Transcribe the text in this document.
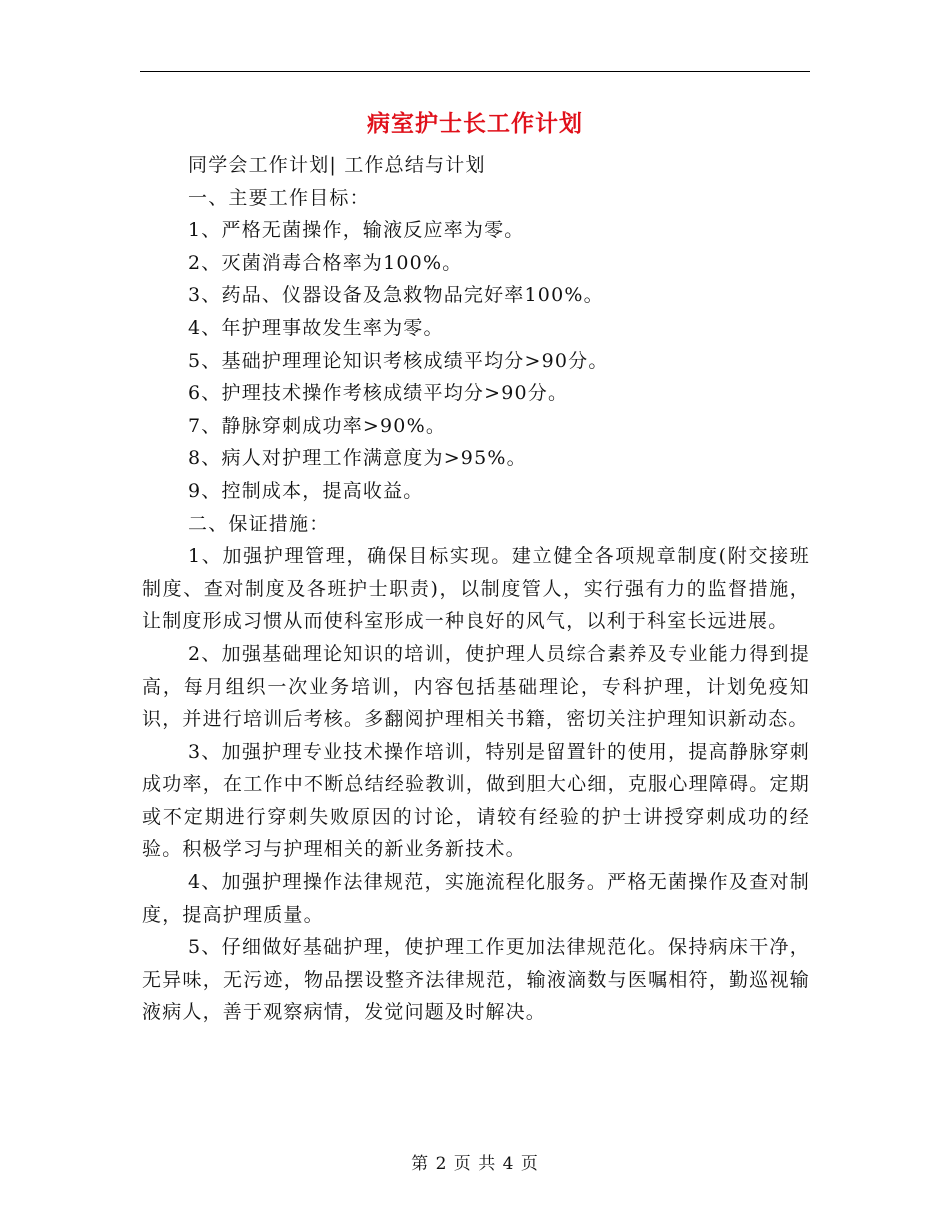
病室护士长工作计划

同学会工作计划| 工作总结与计划

一、主要工作目标：

1、严格无菌操作，输液反应率为零。

2、灭菌消毒合格率为100%。

3、药品、仪器设备及急救物品完好率100%。

4、年护理事故发生率为零。

5、基础护理理论知识考核成绩平均分>90分。

6、护理技术操作考核成绩平均分>90分。

7、静脉穿刺成功率>90%。

8、病人对护理工作满意度为>95%。

9、控制成本，提高收益。

二、保证措施：

1、加强护理管理，确保目标实现。建立健全各项规章制度(附交接班制度、查对制度及各班护士职责)，以制度管人，实行强有力的监督措施，让制度形成习惯从而使科室形成一种良好的风气，以利于科室长远进展。

2、加强基础理论知识的培训，使护理人员综合素养及专业能力得到提高，每月组织一次业务培训，内容包括基础理论，专科护理，计划免疫知识，并进行培训后考核。多翻阅护理相关书籍，密切关注护理知识新动态。

3、加强护理专业技术操作培训，特别是留置针的使用，提高静脉穿刺成功率，在工作中不断总结经验教训，做到胆大心细，克服心理障碍。定期或不定期进行穿刺失败原因的讨论，请较有经验的护士讲授穿刺成功的经验。积极学习与护理相关的新业务新技术。

4、加强护理操作法律规范，实施流程化服务。严格无菌操作及查对制度，提高护理质量。

5、仔细做好基础护理，使护理工作更加法律规范化。保持病床干净，无异味，无污迹，物品摆设整齐法律规范，输液滴数与医嘱相符，勤巡视输液病人，善于观察病情，发觉问题及时解决。

第 2 页 共 4 页
